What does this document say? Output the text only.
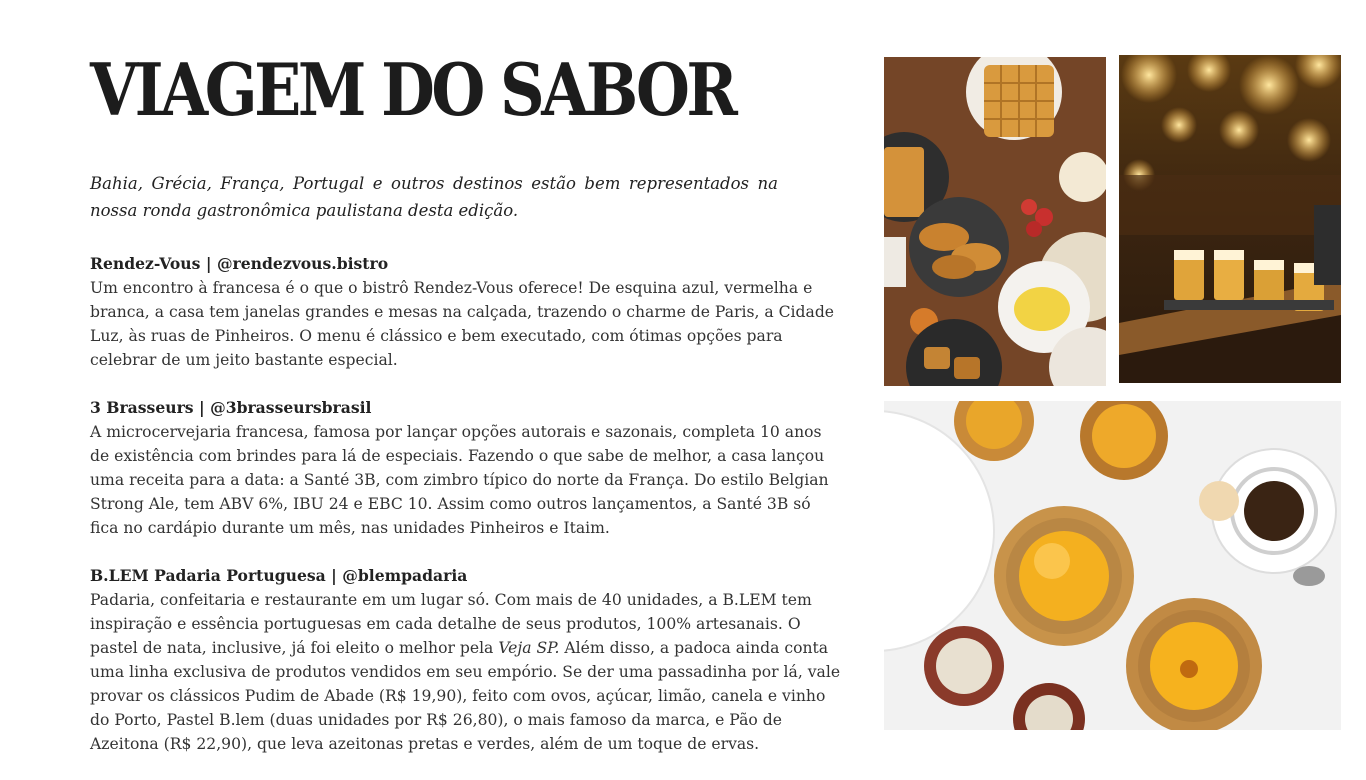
VIAGEM DO SABOR

Bahia, Grécia, França, Portugal e outros destinos estão bem representados na nossa ronda gastronômica paulistana desta edição.

Rendez-Vous | @rendezvous.bistro

Um encontro à francesa é o que o bistrô Rendez-Vous oferece! De esquina azul, vermelha e branca, a casa tem janelas grandes e mesas na calçada, trazendo o charme de Paris, a Cidade Luz, às ruas de Pinheiros. O menu é clássico e bem executado, com ótimas opções para celebrar de um jeito bastante especial.

3 Brasseurs | @3brasseursbrasil

A microcervejaria francesa, famosa por lançar opções autorais e sazonais, completa 10 anos de existência com brindes para lá de especiais. Fazendo o que sabe de melhor, a casa lançou uma receita para a data: a Santé 3B, com zimbro típico do norte da França. Do estilo Belgian Strong Ale, tem ABV 6%, IBU 24 e EBC 10. Assim como outros lançamentos, a Santé 3B só fica no cardápio durante um mês, nas unidades Pinheiros e Itaim.

B.LEM Padaria Portuguesa | @blempadaria

Padaria, confeitaria e restaurante em um lugar só. Com mais de 40 unidades, a B.LEM tem inspiração e essência portuguesas em cada detalhe de seus produtos, 100% artesanais. O pastel de nata, inclusive, já foi eleito o melhor pela Veja SP. Além disso, a padoca ainda conta uma linha exclusiva de produtos vendidos em seu empório. Se der uma passadinha por lá, vale provar os clássicos Pudim de Abade (R$ 19,90), feito com ovos, açúcar, limão, canela e vinho do Porto, Pastel B.lem (duas unidades por R$ 26,80), o mais famoso da marca, e Pão de Azeitona (R$ 22,90), que leva azeitonas pretas e verdes, além de um toque de ervas.
